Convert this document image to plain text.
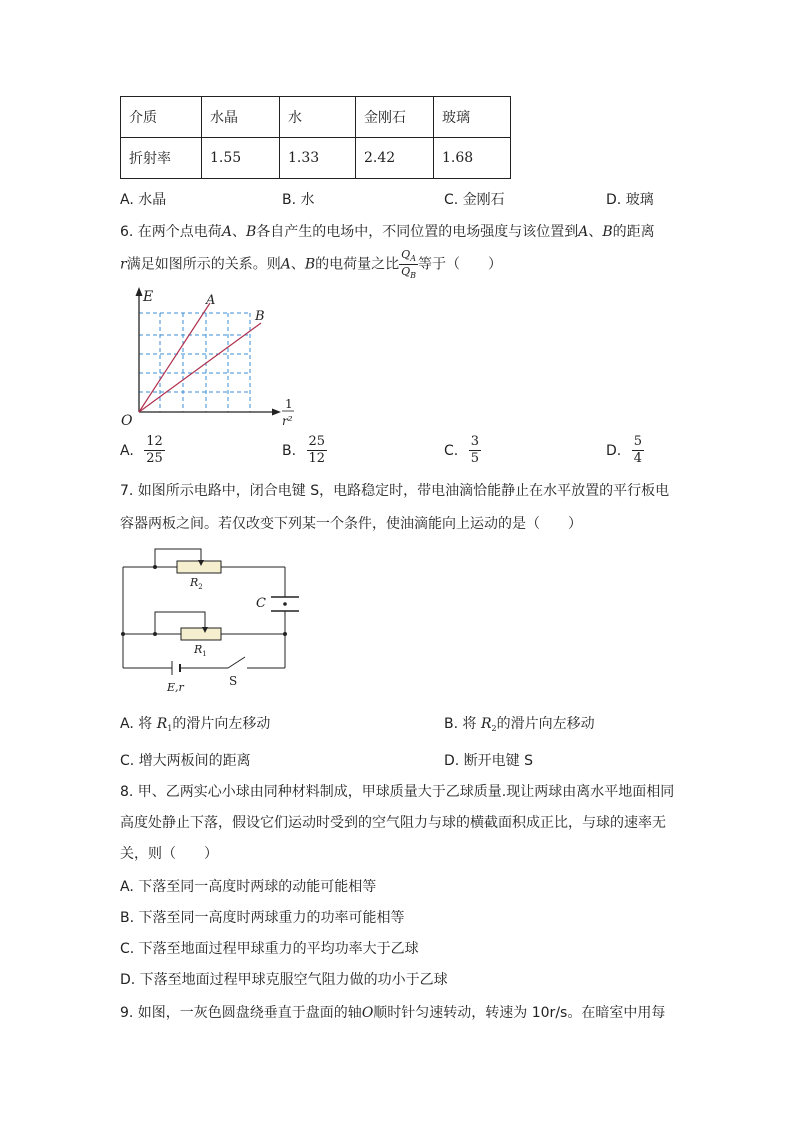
介质	水晶	水	金刚石	玻璃
折射率	1.55	1.33	2.42	1.68
A. 水晶	B. 水	C. 金刚石	D. 玻璃
6. 在两个点电荷A、B各自产生的电场中，不同位置的电场强度与该位置到A、B的距离
r满足如图所示的关系。则A、B的电荷量之比 $\frac{Q_A}{Q_B}$ 等于（　　）
E	A
B
O
1
r²
A. $\frac{12}{25}$	B. $\frac{25}{12}$	C. $\frac{3}{5}$	D. $\frac{5}{4}$
7. 如图所示电路中，闭合电键 S，电路稳定时，带电油滴恰能静止在水平放置的平行板电
容器两板之间。若仅改变下列某一个条件，使油滴能向上运动的是（　　）
$R_2$
$R_1$
C
E,r	S
A. 将 $R_1$的滑片向左移动	B. 将 $R_2$的滑片向左移动
C. 增大两板间的距离	D. 断开电键 S
8. 甲、乙两实心小球由同种材料制成，甲球质量大于乙球质量.现让两球由离水平地面相同
高度处静止下落，假设它们运动时受到的空气阻力与球的横截面积成正比，与球的速率无
关，则（　　）
A. 下落至同一高度时两球的动能可能相等
B. 下落至同一高度时两球重力的功率可能相等
C. 下落至地面过程甲球重力的平均功率大于乙球
D. 下落至地面过程甲球克服空气阻力做的功小于乙球
9. 如图，一灰色圆盘绕垂直于盘面的轴O顺时针匀速转动，转速为 10r/s。在暗室中用每
